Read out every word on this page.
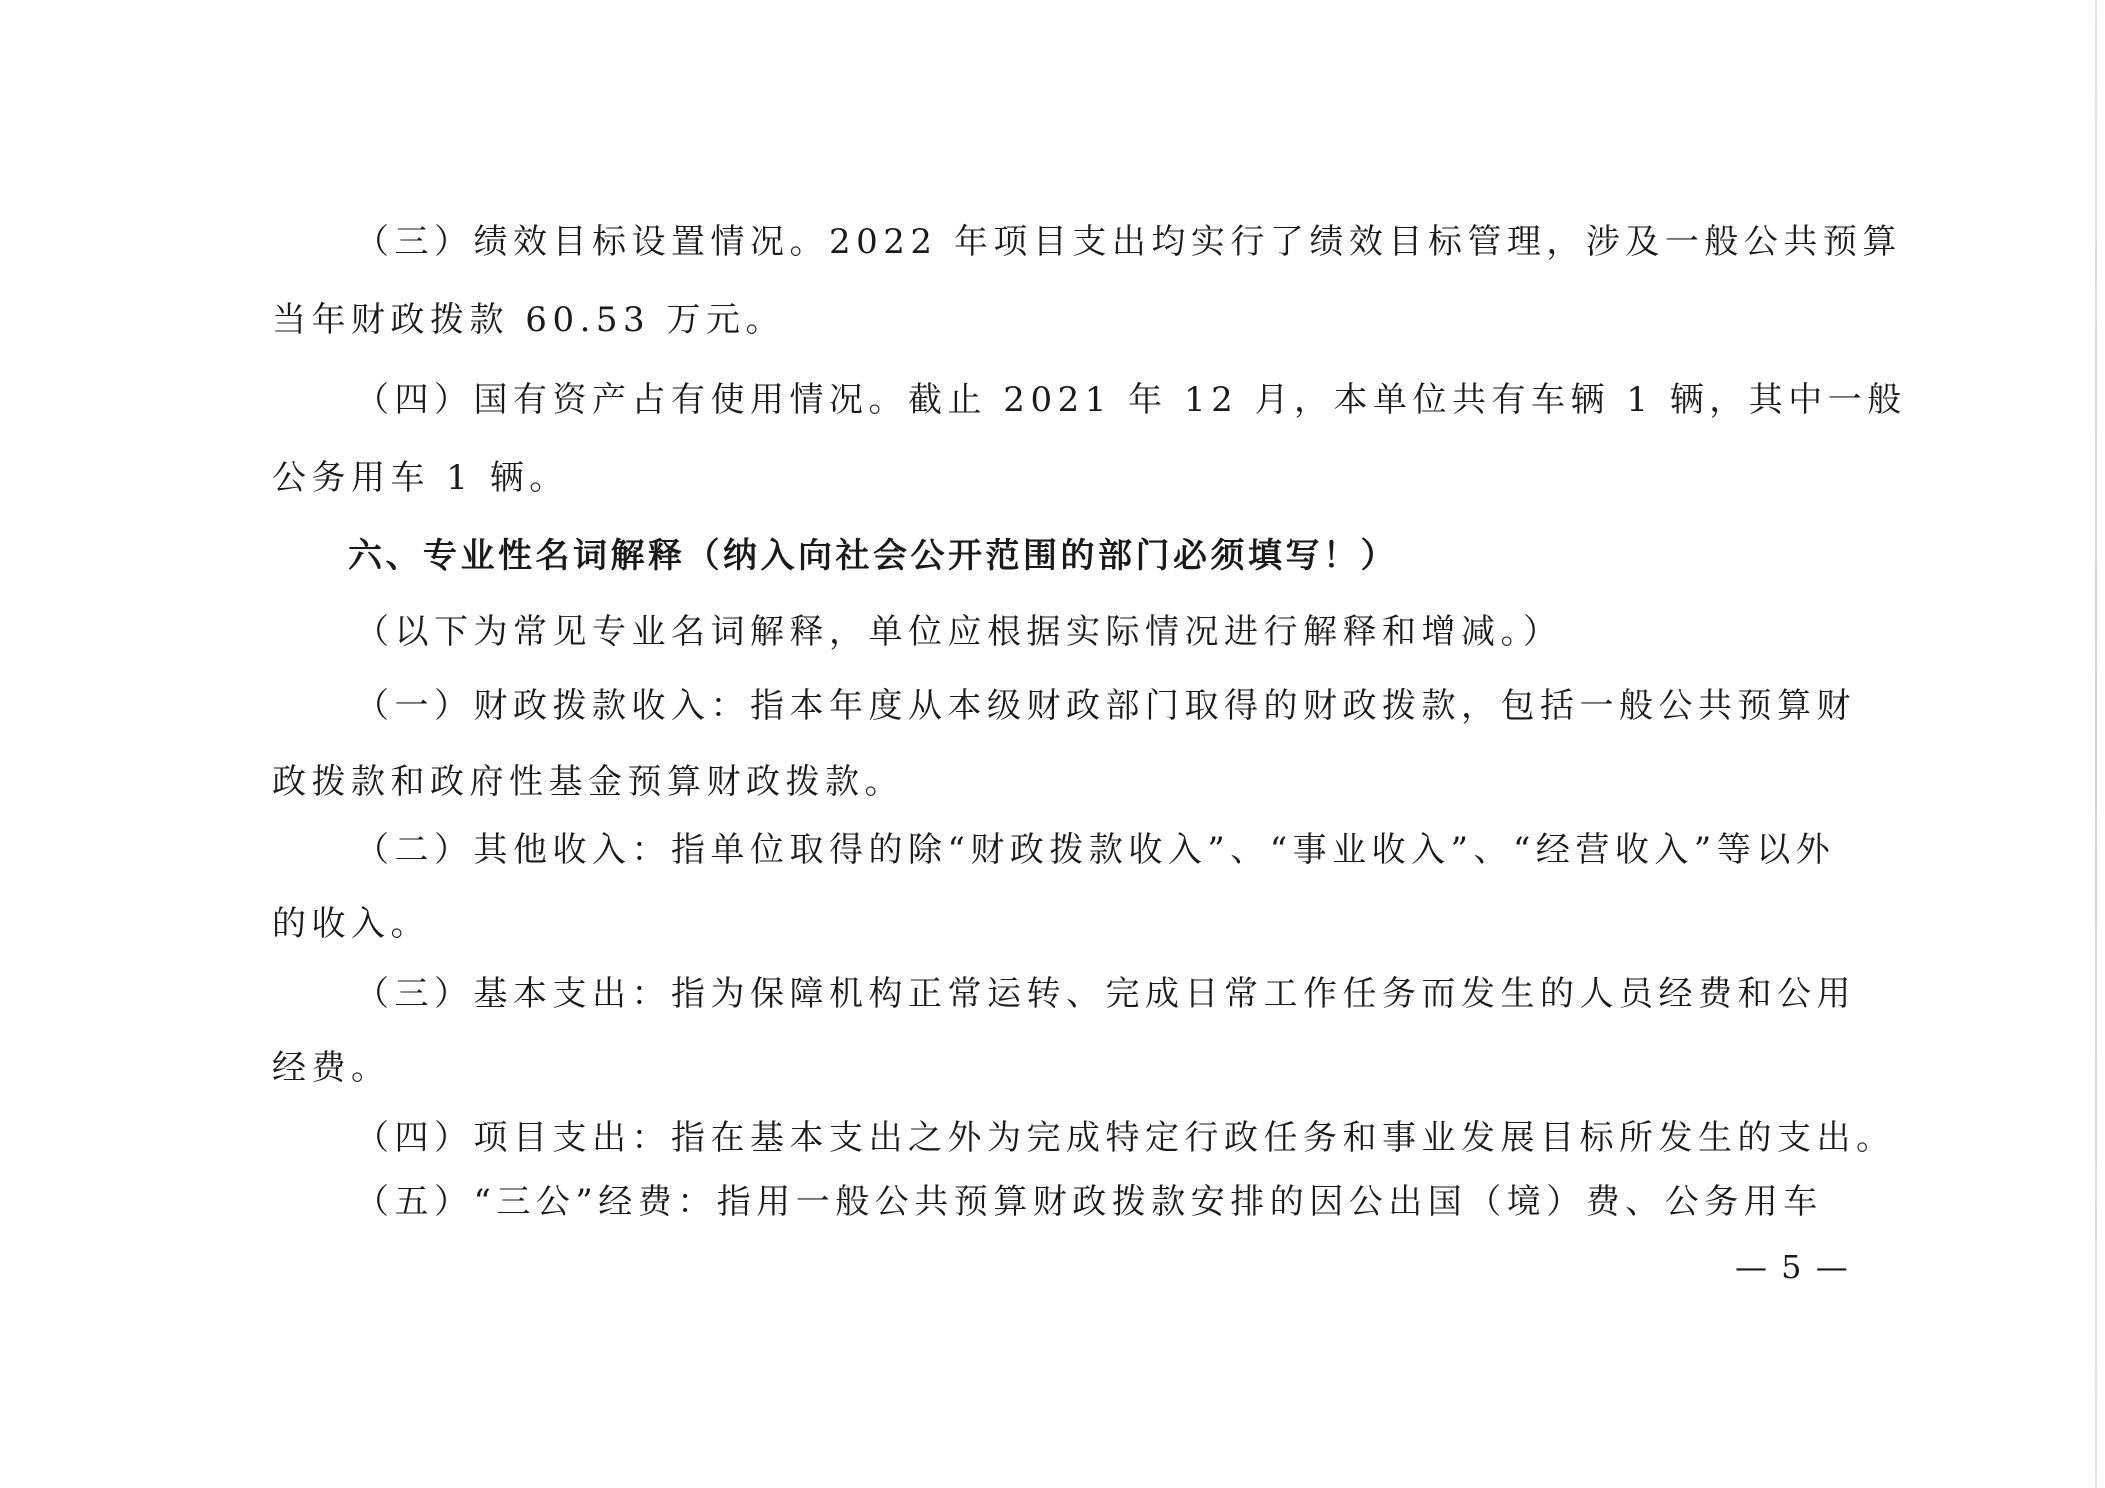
（三）绩效目标设置情况。2022 年项目支出均实行了绩效目标管理，涉及一般公共预算
当年财政拨款 60.53 万元。
（四）国有资产占有使用情况。截止 2021 年 12 月，本单位共有车辆 1 辆，其中一般
公务用车 1 辆。
六、专业性名词解释（纳入向社会公开范围的部门必须填写！）
（以下为常见专业名词解释，单位应根据实际情况进行解释和增减。）
（一）财政拨款收入：指本年度从本级财政部门取得的财政拨款，包括一般公共预算财
政拨款和政府性基金预算财政拨款。
（二）其他收入：指单位取得的除“财政拨款收入”、“事业收入”、“经营收入”等以外
的收入。
（三）基本支出：指为保障机构正常运转、完成日常工作任务而发生的人员经费和公用
经费。
（四）项目支出：指在基本支出之外为完成特定行政任务和事业发展目标所发生的支出。
（五）“三公”经费：指用一般公共预算财政拨款安排的因公出国（境）费、公务用车
— 5 —
